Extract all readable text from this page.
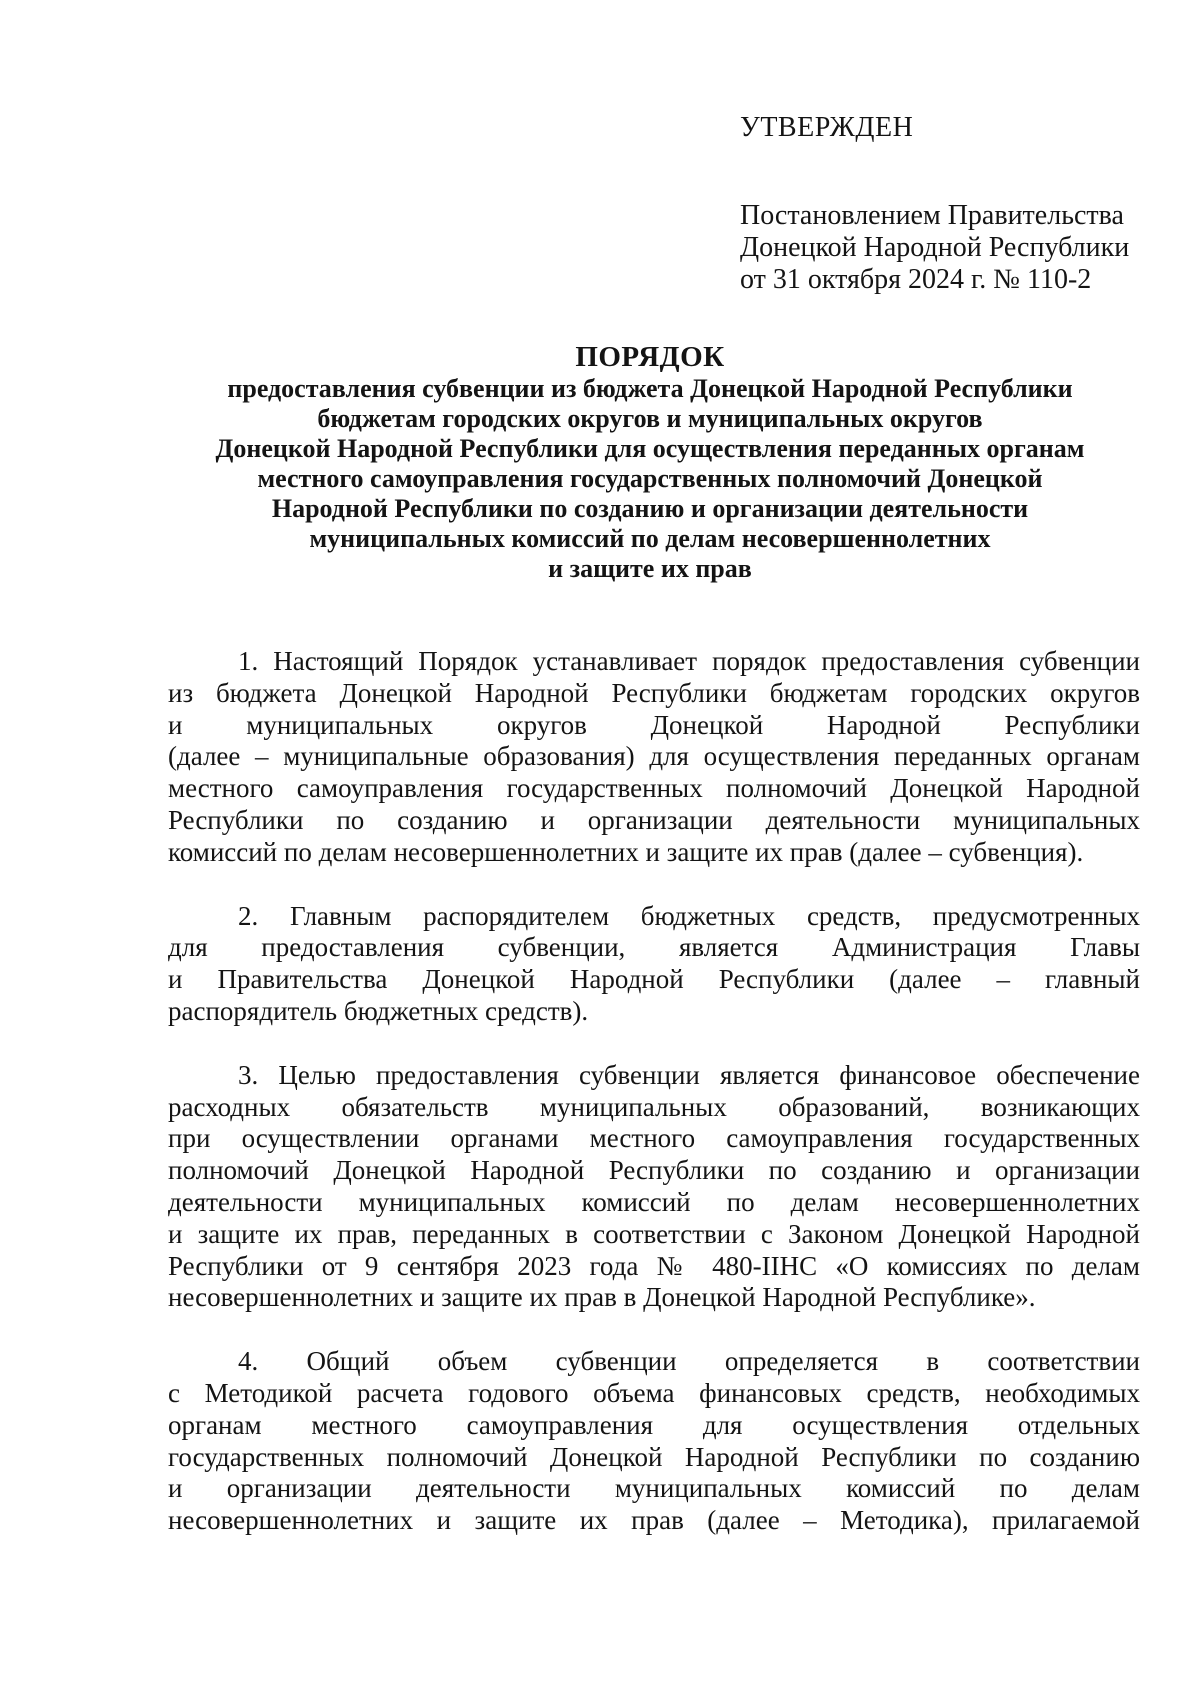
УТВЕРЖДЕН
Постановлением Правительства
Донецкой Народной Республики
от 31 октября 2024 г. № 110-2
ПОРЯДОК
предоставления субвенции из бюджета Донецкой Народной Республики
бюджетам городских округов и муниципальных округов
Донецкой Народной Республики для осуществления переданных органам
местного самоуправления государственных полномочий Донецкой
Народной Республики по созданию и организации деятельности
муниципальных комиссий по делам несовершеннолетних
и защите их прав
1. Настоящий Порядок устанавливает порядок предоставления субвенции
из бюджета Донецкой Народной Республики бюджетам городских округов
и муниципальных округов Донецкой Народной Республики
(далее – муниципальные образования) для осуществления переданных органам
местного самоуправления государственных полномочий Донецкой Народной
Республики по созданию и организации деятельности муниципальных
комиссий по делам несовершеннолетних и защите их прав (далее – субвенция).
2. Главным распорядителем бюджетных средств, предусмотренных
для предоставления субвенции, является Администрация Главы
и Правительства Донецкой Народной Республики (далее – главный
распорядитель бюджетных средств).
3. Целью предоставления субвенции является финансовое обеспечение
расходных обязательств муниципальных образований, возникающих
при осуществлении органами местного самоуправления государственных
полномочий Донецкой Народной Республики по созданию и организации
деятельности муниципальных комиссий по делам несовершеннолетних
и защите их прав, переданных в соответствии с Законом Донецкой Народной
Республики от 9 сентября 2023 года № 480-IIНС «О комиссиях по делам
несовершеннолетних и защите их прав в Донецкой Народной Республике».
4. Общий объем субвенции определяется в соответствии
с Методикой расчета годового объема финансовых средств, необходимых
органам местного самоуправления для осуществления отдельных
государственных полномочий Донецкой Народной Республики по созданию
и организации деятельности муниципальных комиссий по делам
несовершеннолетних и защите их прав (далее – Методика), прилагаемой
